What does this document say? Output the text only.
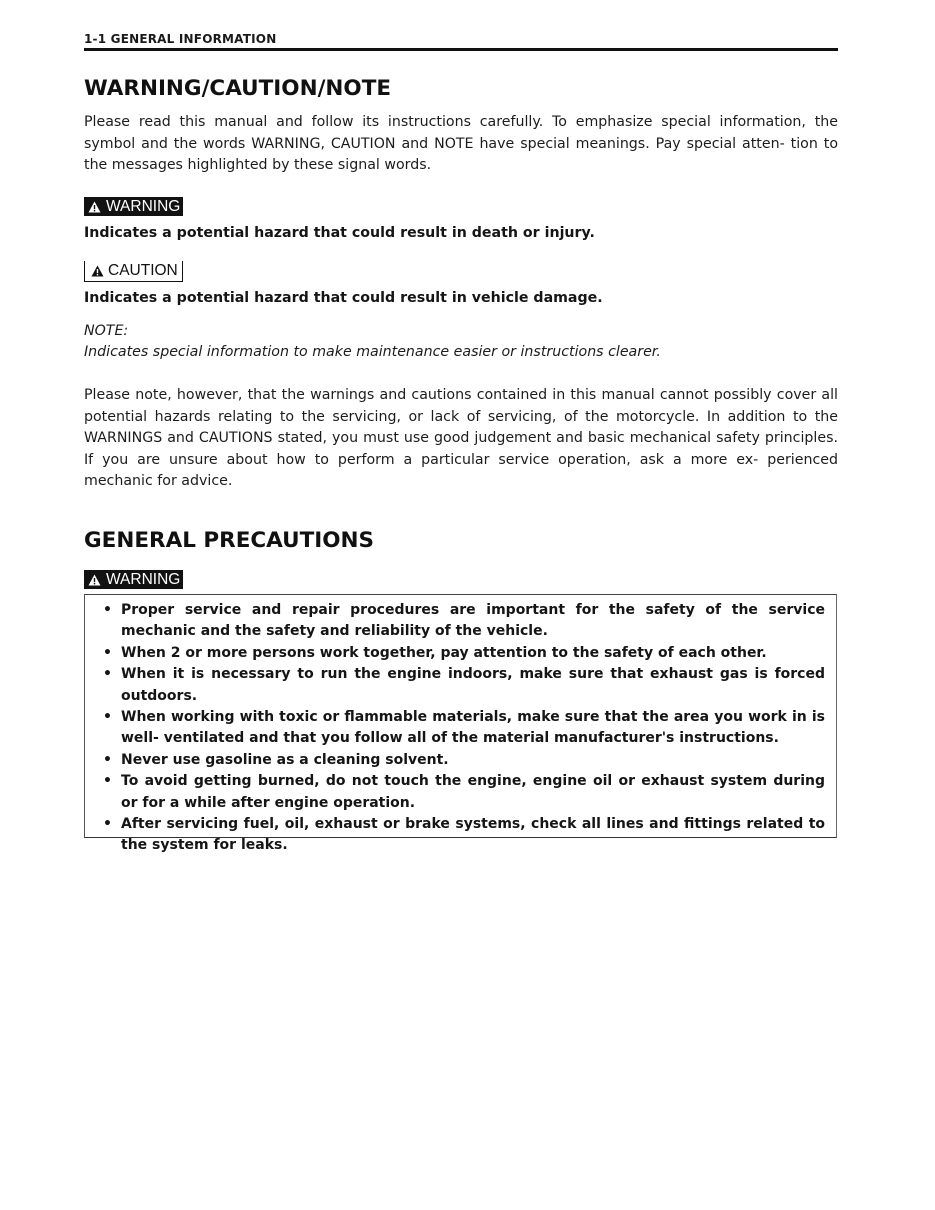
1-1 GENERAL INFORMATION
WARNING/CAUTION/NOTE

Please read this manual and follow its instructions carefully. To emphasize special information, the symbol and the words WARNING, CAUTION and NOTE have special meanings. Pay special atten- tion to the messages highlighted by these signal words.

WARNING
Indicates a potential hazard that could result in death or injury.
CAUTION
Indicates a potential hazard that could result in vehicle damage.
NOTE:
Indicates special information to make maintenance easier or instructions clearer.

Please note, however, that the warnings and cautions contained in this manual cannot possibly cover all potential hazards relating to the servicing, or lack of servicing, of the motorcycle. In addition to the WARNINGS and CAUTIONS stated, you must use good judgement and basic mechanical safety principles. If you are unsure about how to perform a particular service operation, ask a more ex- perienced mechanic for advice.

GENERAL PRECAUTIONS
WARNING
• Proper service and repair procedures are important for the safety of the service mechanic and the safety and reliability of the vehicle.
• When 2 or more persons work together, pay attention to the safety of each other.
• When it is necessary to run the engine indoors, make sure that exhaust gas is forced outdoors.
• When working with toxic or flammable materials, make sure that the area you work in is well- ventilated and that you follow all of the material manufacturer's instructions.
• Never use gasoline as a cleaning solvent.
• To avoid getting burned, do not touch the engine, engine oil or exhaust system during or for a while after engine operation.
• After servicing fuel, oil, exhaust or brake systems, check all lines and fittings related to the system for leaks.
